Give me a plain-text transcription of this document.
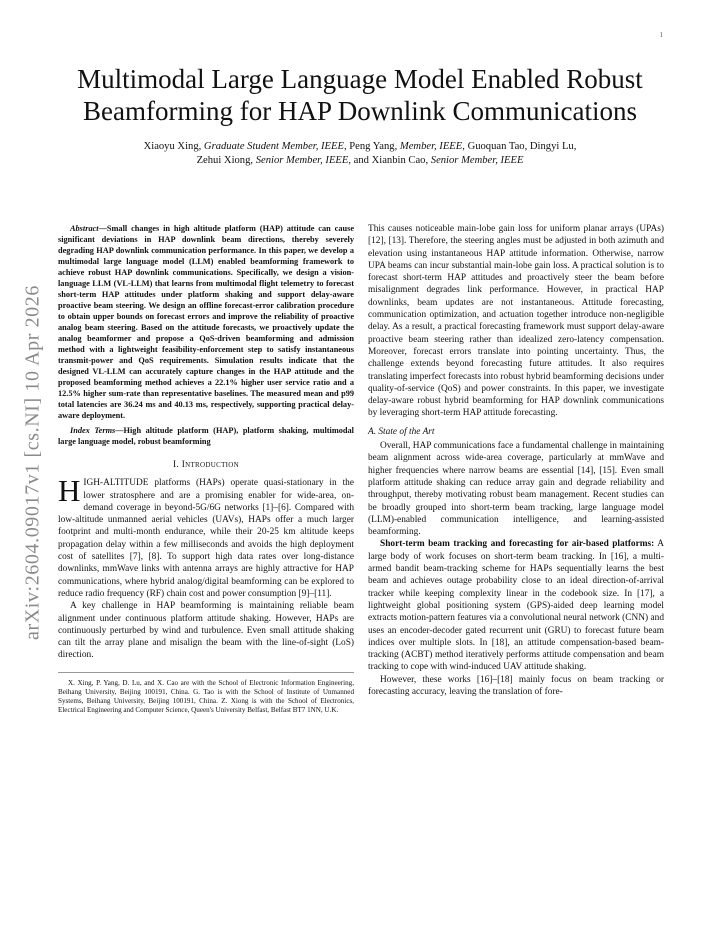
1
arXiv:2604.09017v1 [cs.NI] 10 Apr 2026
Multimodal Large Language Model Enabled Robust Beamforming for HAP Downlink Communications
Xiaoyu Xing, Graduate Student Member, IEEE, Peng Yang, Member, IEEE, Guoquan Tao, Dingyi Lu,
Zehui Xiong, Senior Member, IEEE, and Xianbin Cao, Senior Member, IEEE

Abstract—Small changes in high altitude platform (HAP) attitude can cause significant deviations in HAP downlink beam directions, thereby severely degrading HAP downlink communication performance. In this paper, we develop a multimodal large language model (LLM) enabled beamforming framework to achieve robust HAP downlink communications. Specifically, we design a vision-language LLM (VL-LLM) that learns from multimodal flight telemetry to forecast short-term HAP attitudes under platform shaking and support delay-aware proactive beam steering. We design an offline forecast-error calibration procedure to obtain upper bounds on forecast errors and improve the reliability of proactive analog beam steering. Based on the attitude forecasts, we proactively update the analog beamformer and propose a QoS-driven beamforming and admission method with a lightweight feasibility-enforcement step to satisfy instantaneous transmit-power and QoS requirements. Simulation results indicate that the designed VL-LLM can accurately capture changes in the HAP attitude and the proposed beamforming method achieves a 22.1% higher user service ratio and a 12.5% higher sum-rate than representative baselines. The measured mean and p99 total latencies are 36.24 ms and 40.13 ms, respectively, supporting practical delay-aware deployment.

Index Terms—High altitude platform (HAP), platform shaking, multimodal large language model, robust beamforming

I. Introduction

HIGH-ALTITUDE platforms (HAPs) operate quasi-stationary in the lower stratosphere and are a promising enabler for wide-area, on-demand coverage in beyond-5G/6G networks [1]–[6]. Compared with low-altitude unmanned aerial vehicles (UAVs), HAPs offer a much larger footprint and multi-month endurance, while their 20-25 km altitude keeps propagation delay within a few milliseconds and avoids the high deployment cost of satellites [7], [8]. To support high data rates over long-distance downlinks, mmWave links with antenna arrays are highly attractive for HAP communications, where hybrid analog/digital beamforming can be explored to reduce radio frequency (RF) chain cost and power consumption [9]–[11].

A key challenge in HAP beamforming is maintaining reliable beam alignment under continuous platform attitude shaking. However, HAPs are continuously perturbed by wind and turbulence. Even small attitude shaking can tilt the array plane and misalign the beam with the line-of-sight (LoS) direction.

X. Xing, P. Yang, D. Lu, and X. Cao are with the School of Electronic Information Engineering, Beihang University, Beijing 100191, China. G. Tao is with the School of Institute of Unmanned Systems, Beihang University, Beijing 100191, China. Z. Xiong is with the School of Electronics, Electrical Engineering and Computer Science, Queen's University Belfast, Belfast BT7 1NN, U.K.

This causes noticeable main-lobe gain loss for uniform planar arrays (UPAs) [12], [13]. Therefore, the steering angles must be adjusted in both azimuth and elevation using instantaneous HAP attitude information. Otherwise, narrow UPA beams can incur substantial main-lobe gain loss. A practical solution is to forecast short-term HAP attitudes and proactively steer the beam before misalignment degrades link performance. However, in practical HAP downlinks, beam updates are not instantaneous. Attitude forecasting, communication optimization, and actuation together introduce non-negligible delay. As a result, a practical forecasting framework must support delay-aware proactive beam steering rather than idealized zero-latency compensation. Moreover, forecast errors translate into pointing uncertainty. Thus, the challenge extends beyond forecasting future attitudes. It also requires translating imperfect forecasts into robust hybrid beamforming decisions under quality-of-service (QoS) and power constraints. In this paper, we investigate delay-aware robust hybrid beamforming for HAP downlink communications by leveraging short-term HAP attitude forecasting.

A. State of the Art

Overall, HAP communications face a fundamental challenge in maintaining beam alignment across wide-area coverage, particularly at mmWave and higher frequencies where narrow beams are essential [14], [15]. Even small platform attitude shaking can reduce array gain and degrade reliability and throughput, thereby motivating robust beam management. Recent studies can be broadly grouped into short-term beam tracking, large language model (LLM)-enabled communication intelligence, and learning-assisted beamforming.

Short-term beam tracking and forecasting for air-based platforms: A large body of work focuses on short-term beam tracking. In [16], a multi-armed bandit beam-tracking scheme for HAPs sequentially learns the best beam and achieves outage probability close to an ideal direction-of-arrival tracker while keeping complexity linear in the codebook size. In [17], a lightweight global positioning system (GPS)-aided deep learning model extracts motion-pattern features via a convolutional neural network (CNN) and uses an encoder-decoder gated recurrent unit (GRU) to forecast future beam indices over multiple slots. In [18], an attitude compensation-based beam-tracking (ACBT) method iteratively performs attitude compensation and beam tracking to cope with wind-induced UAV attitude shaking.

However, these works [16]–[18] mainly focus on beam tracking or forecasting accuracy, leaving the translation of fore-
